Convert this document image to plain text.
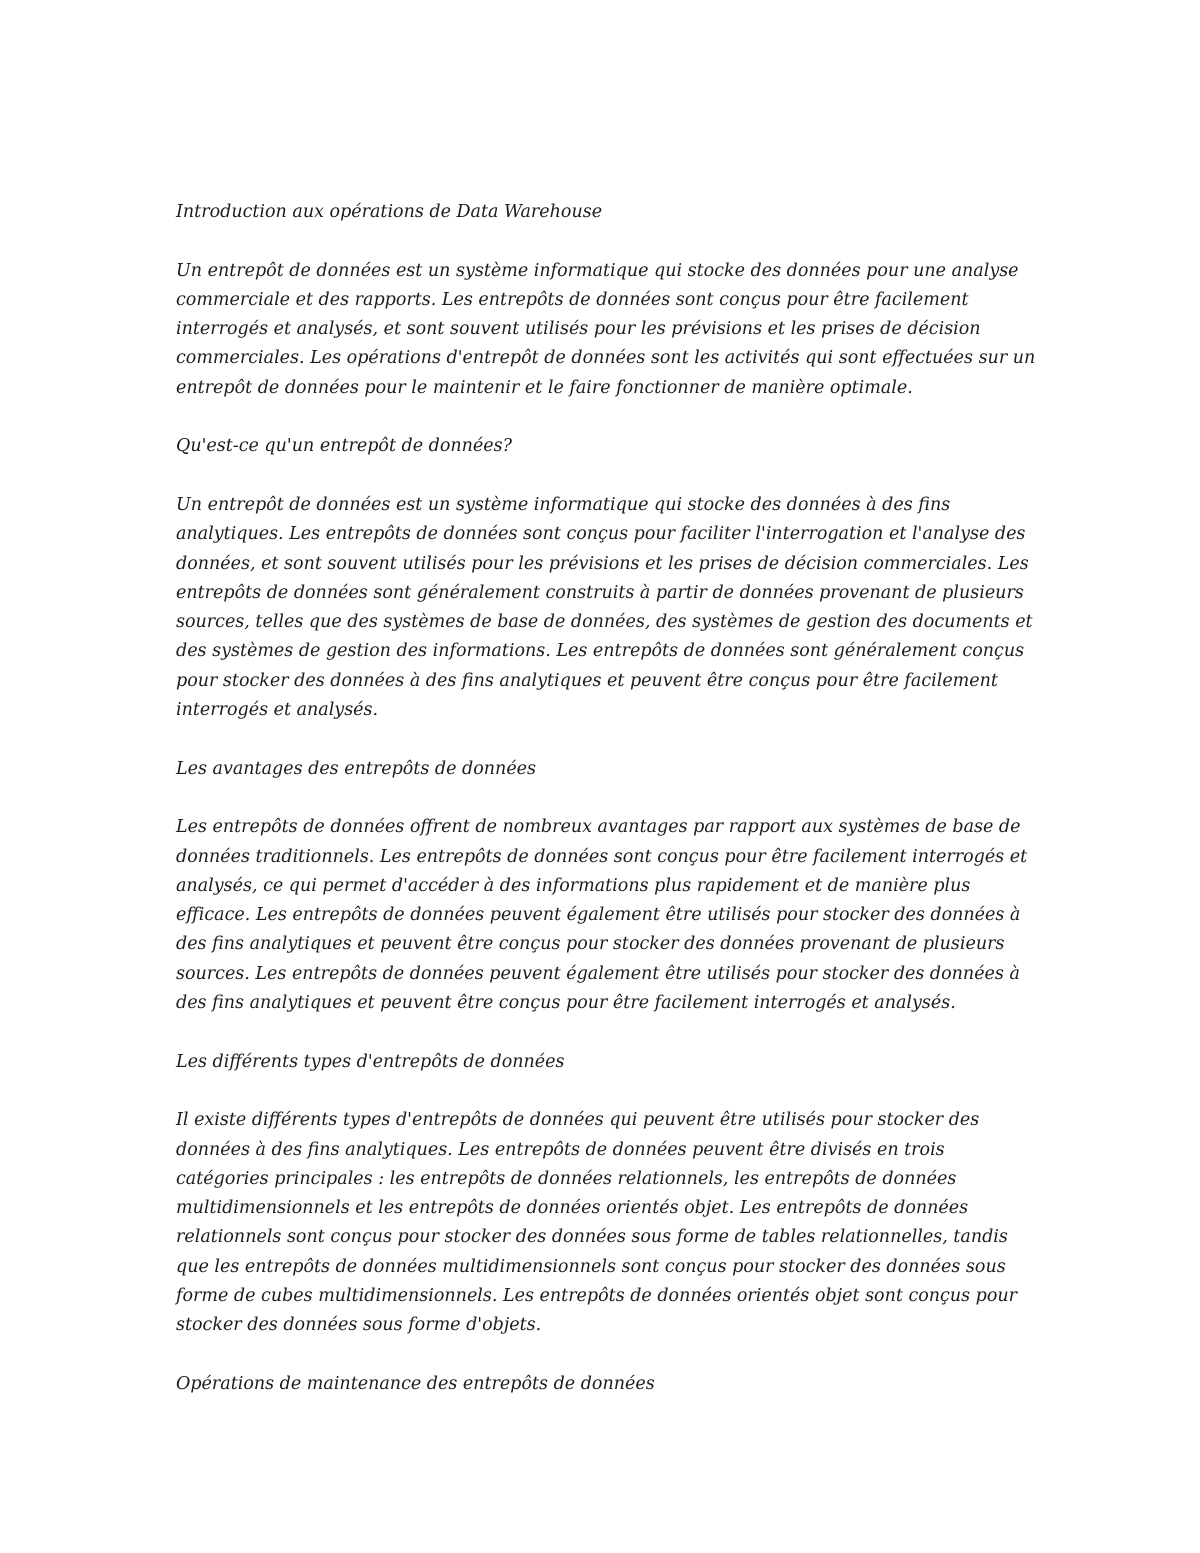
Introduction aux opérations de Data Warehouse

Un entrepôt de données est un système informatique qui stocke des données pour une analyse commerciale et des rapports. Les entrepôts de données sont conçus pour être facilement interrogés et analysés, et sont souvent utilisés pour les prévisions et les prises de décision commerciales. Les opérations d'entrepôt de données sont les activités qui sont effectuées sur un entrepôt de données pour le maintenir et le faire fonctionner de manière optimale.

Qu'est-ce qu'un entrepôt de données?

Un entrepôt de données est un système informatique qui stocke des données à des fins analytiques. Les entrepôts de données sont conçus pour faciliter l'interrogation et l'analyse des données, et sont souvent utilisés pour les prévisions et les prises de décision commerciales. Les entrepôts de données sont généralement construits à partir de données provenant de plusieurs sources, telles que des systèmes de base de données, des systèmes de gestion des documents et des systèmes de gestion des informations. Les entrepôts de données sont généralement conçus pour stocker des données à des fins analytiques et peuvent être conçus pour être facilement interrogés et analysés.

Les avantages des entrepôts de données

Les entrepôts de données offrent de nombreux avantages par rapport aux systèmes de base de données traditionnels. Les entrepôts de données sont conçus pour être facilement interrogés et analysés, ce qui permet d'accéder à des informations plus rapidement et de manière plus efficace. Les entrepôts de données peuvent également être utilisés pour stocker des données à des fins analytiques et peuvent être conçus pour stocker des données provenant de plusieurs sources. Les entrepôts de données peuvent également être utilisés pour stocker des données à des fins analytiques et peuvent être conçus pour être facilement interrogés et analysés.

Les différents types d'entrepôts de données

Il existe différents types d'entrepôts de données qui peuvent être utilisés pour stocker des données à des fins analytiques. Les entrepôts de données peuvent être divisés en trois catégories principales : les entrepôts de données relationnels, les entrepôts de données multidimensionnels et les entrepôts de données orientés objet. Les entrepôts de données relationnels sont conçus pour stocker des données sous forme de tables relationnelles, tandis que les entrepôts de données multidimensionnels sont conçus pour stocker des données sous forme de cubes multidimensionnels. Les entrepôts de données orientés objet sont conçus pour stocker des données sous forme d'objets.

Opérations de maintenance des entrepôts de données
